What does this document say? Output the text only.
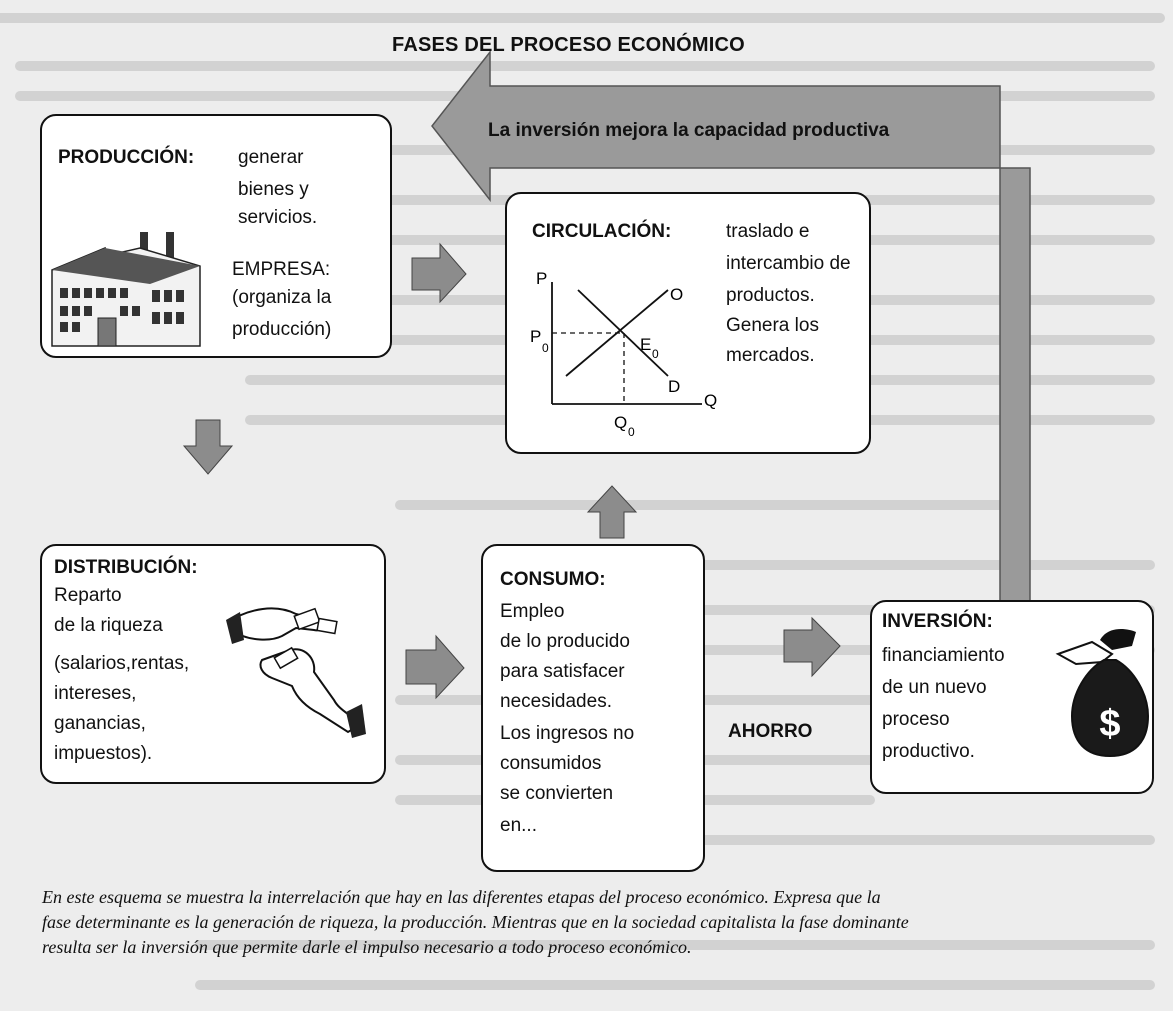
FASES DEL PROCESO ECONÓMICO
La inversión mejora la capacidad productiva
PRODUCCIÓN: generar
bienes y
servicios.
EMPRESA:
(organiza la
producción)
CIRCULACIÓN:	traslado e
intercambio de
productos.
Genera los
mercados.
P
O
P
0	E 0
D
Q
Q 0
DISTRIBUCIÓN:
Reparto
de la riqueza
(salarios,rentas,
intereses,
ganancias,
impuestos).
CONSUMO:
Empleo
de lo producido
para satisfacer
necesidades.
Los ingresos no
consumidos
se convierten
en...
AHORRO
INVERSIÓN:
financiamiento
de un nuevo
proceso
productivo.
$
En este esquema se muestra la interrelación que hay en las diferentes etapas del proceso económico. Expresa que la
fase determinante es la generación de riqueza, la producción. Mientras que en la sociedad capitalista la fase dominante
resulta ser la inversión que permite darle el impulso necesario a todo proceso económico.
